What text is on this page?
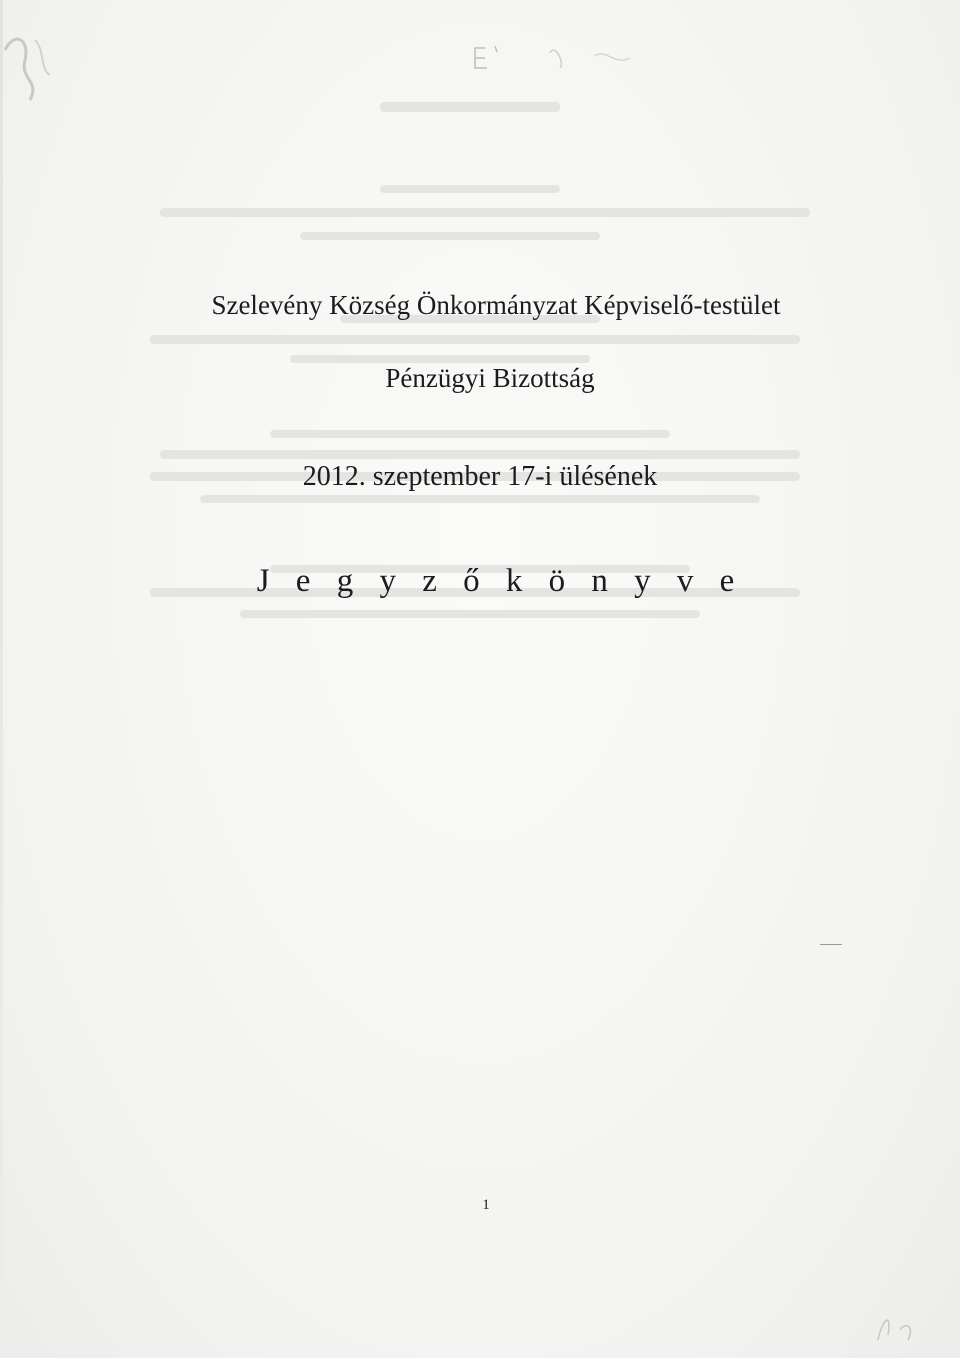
Szelevény Község Önkormányzat Képviselő-testület
Pénzügyi Bizottság
2012. szeptember 17-i ülésének
J e g y z ő k ö n y v e
1
